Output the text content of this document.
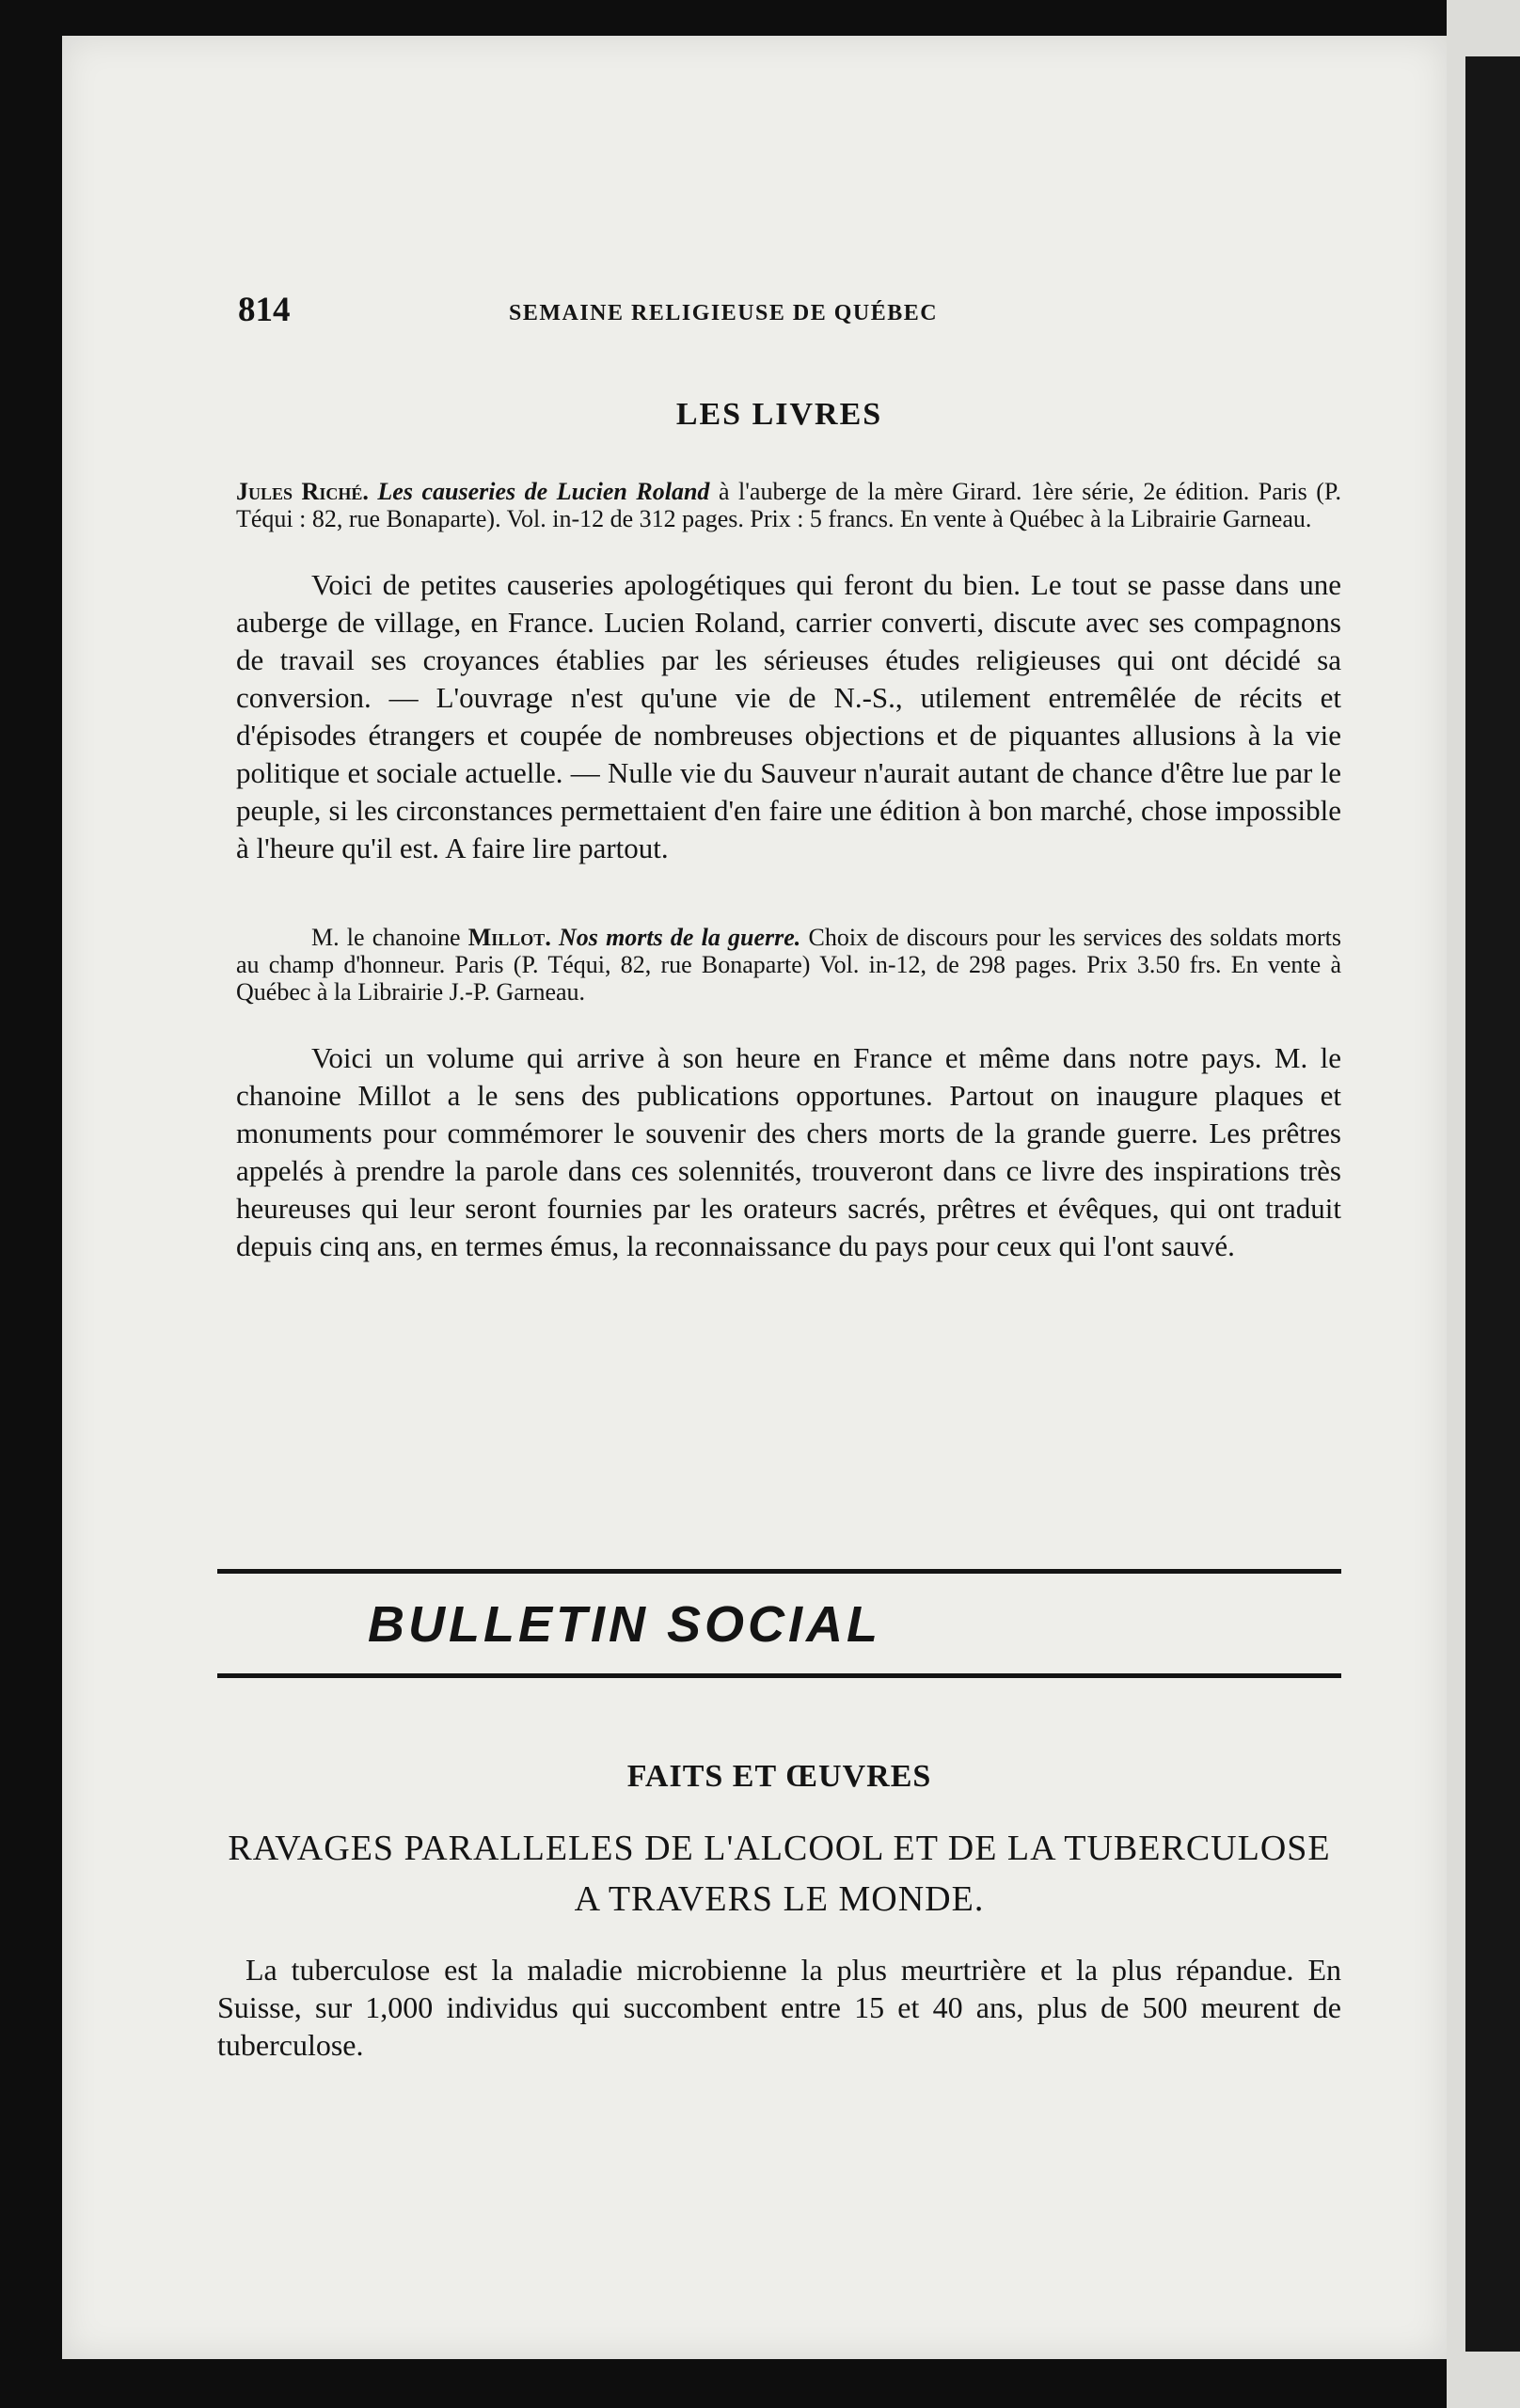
814	SEMAINE RELIGIEUSE DE QUÉBEC
LES LIVRES
Jules Riché. Les causeries de Lucien Roland à l'auberge de la mère Girard. 1ère série, 2e édition. Paris (P. Téqui : 82, rue Bonaparte). Vol. in-12 de 312 pages. Prix : 5 francs. En vente à Québec à la Librairie Garneau.
Voici de petites causeries apologétiques qui feront du bien. Le tout se passe dans une auberge de village, en France. Lucien Roland, carrier converti, discute avec ses compagnons de travail ses croyances établies par les sérieuses études religieuses qui ont décidé sa conversion. — L'ouvrage n'est qu'une vie de N.-S., utilement entremêlée de récits et d'épisodes étrangers et coupée de nombreuses objections et de piquantes allusions à la vie politique et sociale actuelle. — Nulle vie du Sauveur n'aurait autant de chance d'être lue par le peuple, si les circonstances permettaient d'en faire une édition à bon marché, chose impossible à l'heure qu'il est. A faire lire partout.
M. le chanoine Millot. Nos morts de la guerre. Choix de discours pour les services des soldats morts au champ d'honneur. Paris (P. Téqui, 82, rue Bonaparte) Vol. in-12, de 298 pages. Prix 3.50 frs. En vente à Québec à la Librairie J.-P. Garneau.
Voici un volume qui arrive à son heure en France et même dans notre pays. M. le chanoine Millot a le sens des publications opportunes. Partout on inaugure plaques et monuments pour commémorer le souvenir des chers morts de la grande guerre. Les prêtres appelés à prendre la parole dans ces solennités, trouveront dans ce livre des inspirations très heureuses qui leur seront fournies par les orateurs sacrés, prêtres et évêques, qui ont traduit depuis cinq ans, en termes émus, la reconnaissance du pays pour ceux qui l'ont sauvé.
BULLETIN SOCIAL
FAITS ET ŒUVRES
RAVAGES PARALLELES DE L'ALCOOL ET DE LA TUBERCULOSE A TRAVERS LE MONDE.
La tuberculose est la maladie microbienne la plus meurtrière et la plus répandue. En Suisse, sur 1,000 individus qui succombent entre 15 et 40 ans, plus de 500 meurent de tuberculose.
